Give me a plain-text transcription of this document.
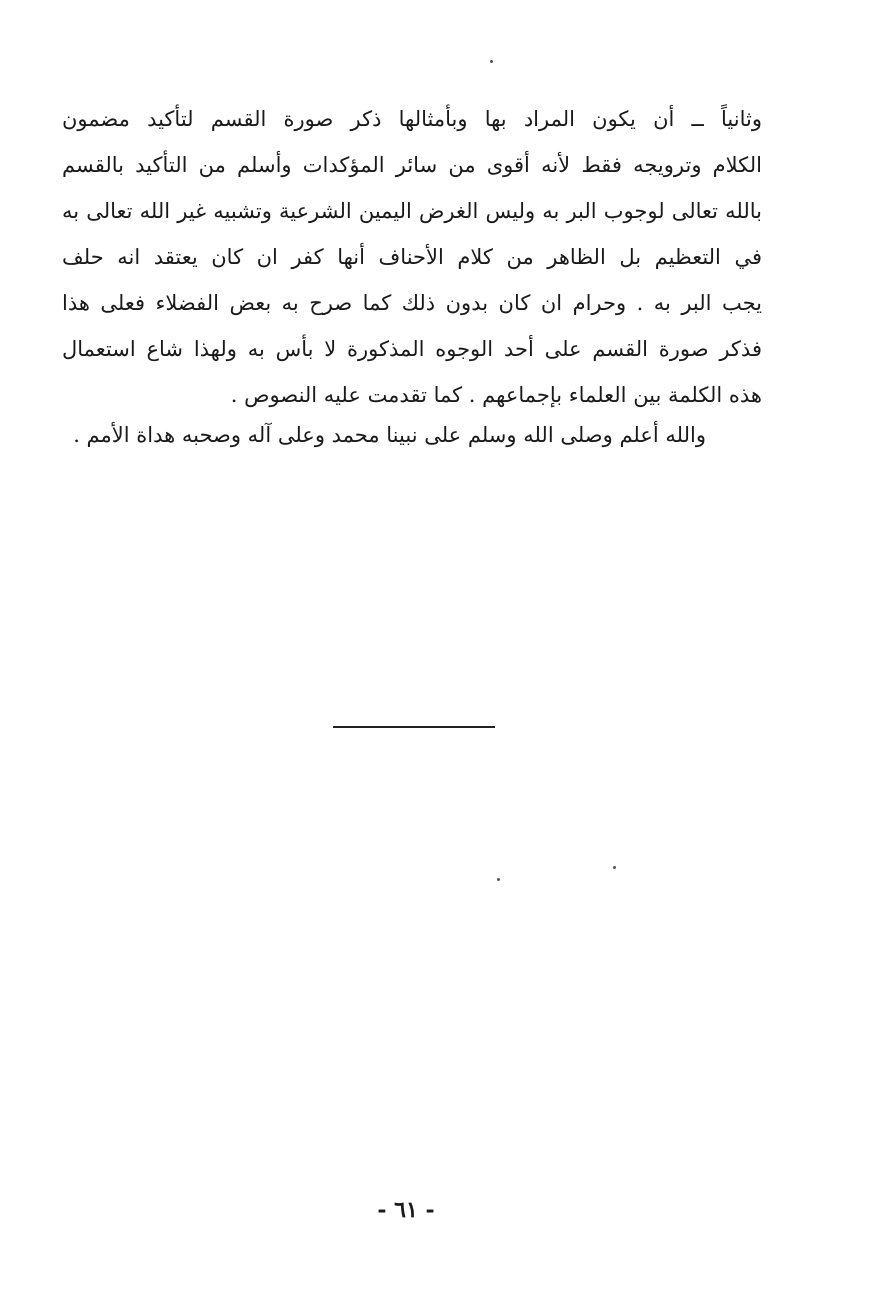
وثانياً ــ أن يكون المراد بها وبأمثالها ذكر صورة القسم لتأكيد مضمون
الكلام وترويجه فقط لأنه أقوى من سائر المؤكدات وأسلم من التأكيد بالقسم
بالله تعالى لوجوب البر به وليس الغرض اليمين الشرعية وتشبيه غير الله تعالى به
في التعظيم بل الظاهر من كلام الأحناف أنها كفر ان كان يعتقد انه حلف
يجب البر به . وحرام ان كان بدون ذلك كما صرح به بعض الفضلاء فعلى هذا
فذكر صورة القسم على أحد الوجوه المذكورة لا بأس به ولهذا شاع استعمال
هذه الكلمة بين العلماء بإجماعهم . كما تقدمت عليه النصوص .
والله أعلم وصلى الله وسلم على نبينا محمد وعلى آله وصحبه هداة الأمم .
- ٦١ -
